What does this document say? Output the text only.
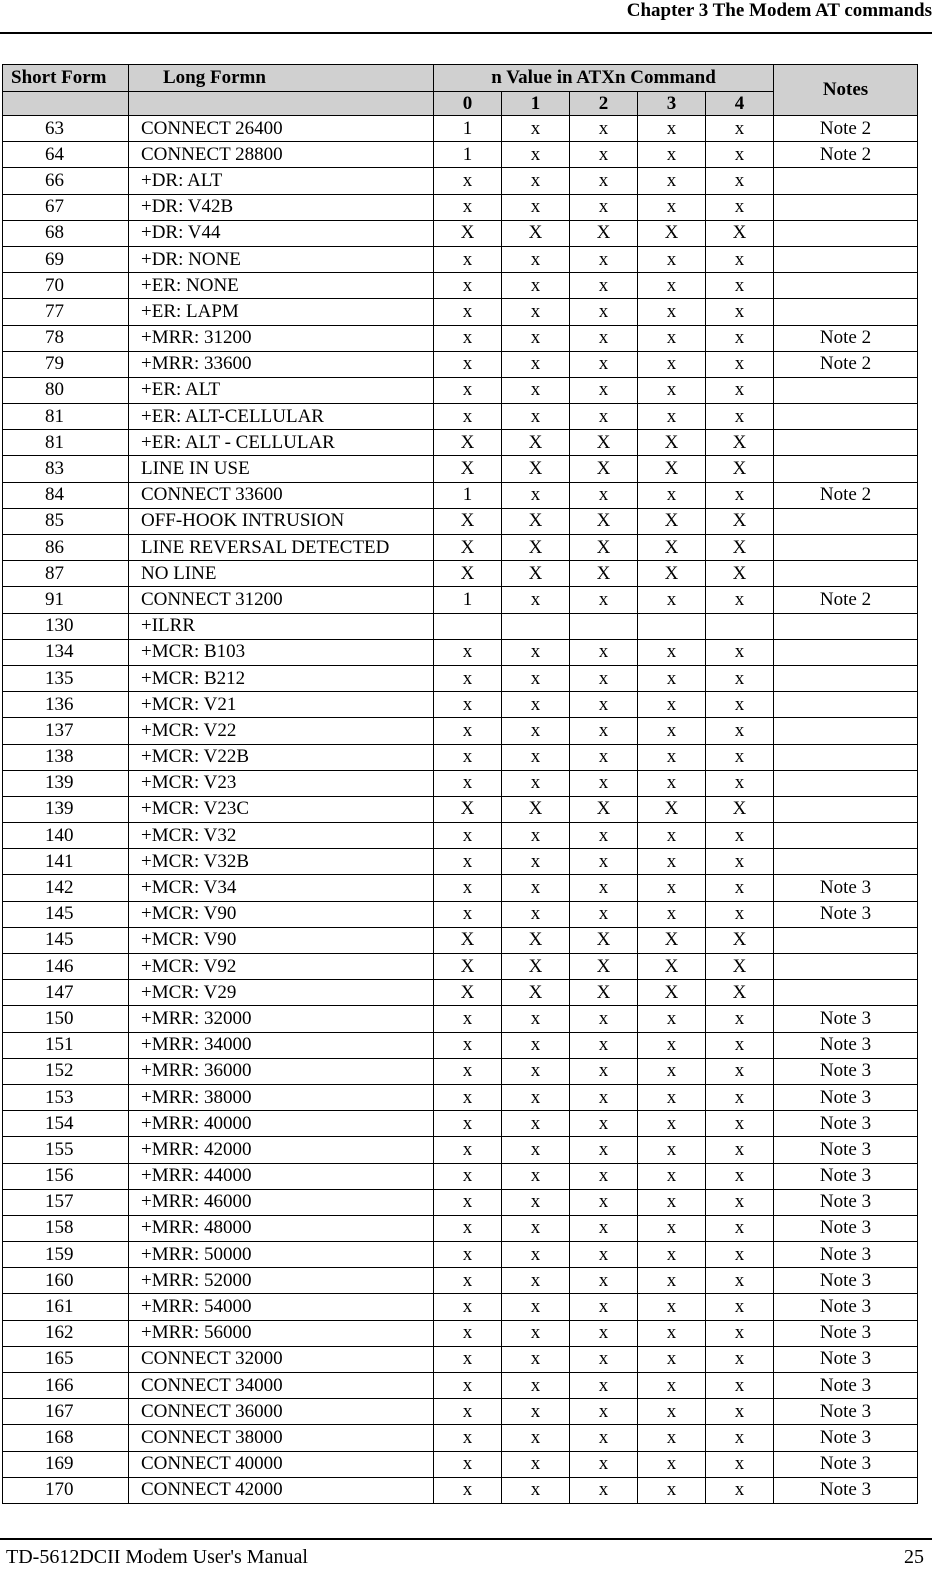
Chapter 3 The Modem AT commands
Short Form	Long Formn	n Value in ATXn Command					Notes
		0	1	2	3	4	
63	CONNECT 26400	1	x	x	x	x	Note 2
64	CONNECT 28800	1	x	x	x	x	Note 2
66	+DR: ALT	x	x	x	x	x	
67	+DR: V42B	x	x	x	x	x	
68	+DR: V44	X	X	X	X	X	
69	+DR: NONE	x	x	x	x	x	
70	+ER: NONE	x	x	x	x	x	
77	+ER: LAPM	x	x	x	x	x	
78	+MRR: 31200	x	x	x	x	x	Note 2
79	+MRR: 33600	x	x	x	x	x	Note 2
80	+ER: ALT	x	x	x	x	x	
81	+ER: ALT-CELLULAR	x	x	x	x	x	
81	+ER: ALT - CELLULAR	X	X	X	X	X	
83	LINE IN USE	X	X	X	X	X	
84	CONNECT 33600	1	x	x	x	x	Note 2
85	OFF-HOOK INTRUSION	X	X	X	X	X	
86	LINE REVERSAL DETECTED	X	X	X	X	X	
87	NO LINE	X	X	X	X	X	
91	CONNECT 31200	1	x	x	x	x	Note 2
130	+ILRR						
134	+MCR: B103	x	x	x	x	x	
135	+MCR: B212	x	x	x	x	x	
136	+MCR: V21	x	x	x	x	x	
137	+MCR: V22	x	x	x	x	x	
138	+MCR: V22B	x	x	x	x	x	
139	+MCR: V23	x	x	x	x	x	
139	+MCR: V23C	X	X	X	X	X	
140	+MCR: V32	x	x	x	x	x	
141	+MCR: V32B	x	x	x	x	x	
142	+MCR: V34	x	x	x	x	x	Note 3
145	+MCR: V90	x	x	x	x	x	Note 3
145	+MCR: V90	X	X	X	X	X	
146	+MCR: V92	X	X	X	X	X	
147	+MCR: V29	X	X	X	X	X	
150	+MRR: 32000	x	x	x	x	x	Note 3
151	+MRR: 34000	x	x	x	x	x	Note 3
152	+MRR: 36000	x	x	x	x	x	Note 3
153	+MRR: 38000	x	x	x	x	x	Note 3
154	+MRR: 40000	x	x	x	x	x	Note 3
155	+MRR: 42000	x	x	x	x	x	Note 3
156	+MRR: 44000	x	x	x	x	x	Note 3
157	+MRR: 46000	x	x	x	x	x	Note 3
158	+MRR: 48000	x	x	x	x	x	Note 3
159	+MRR: 50000	x	x	x	x	x	Note 3
160	+MRR: 52000	x	x	x	x	x	Note 3
161	+MRR: 54000	x	x	x	x	x	Note 3
162	+MRR: 56000	x	x	x	x	x	Note 3
165	CONNECT 32000	x	x	x	x	x	Note 3
166	CONNECT 34000	x	x	x	x	x	Note 3
167	CONNECT 36000	x	x	x	x	x	Note 3
168	CONNECT 38000	x	x	x	x	x	Note 3
169	CONNECT 40000	x	x	x	x	x	Note 3
170	CONNECT 42000	x	x	x	x	x	Note 3
TD-5612DCII Modem User's Manual	25
